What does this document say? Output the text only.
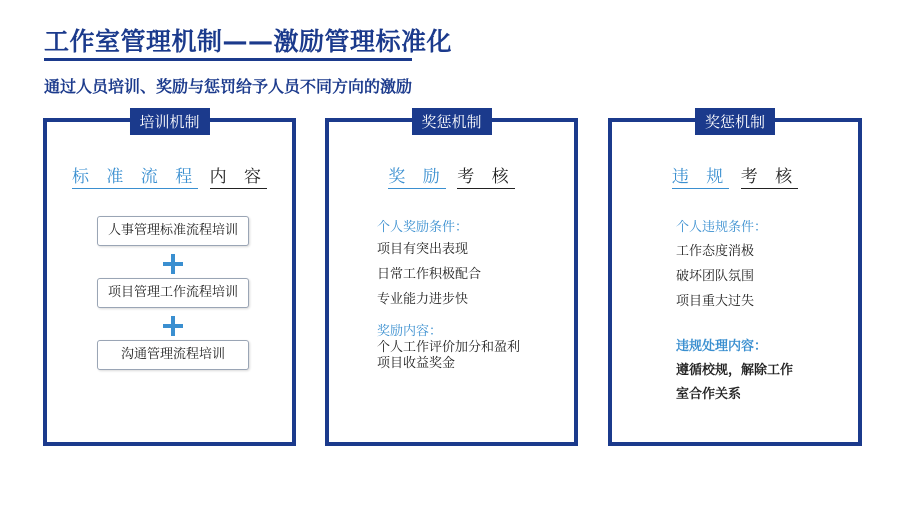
工作室管理机制——激励管理标准化
通过人员培训、奖励与惩罚给予人员不同方向的激励
培训机制
标 准 流 程 内 容
人事管理标准流程培训
项目管理工作流程培训
沟通管理流程培训
奖惩机制
奖 励 考 核
个人奖励条件：
项目有突出表现
日常工作积极配合
专业能力进步快
奖励内容：
个人工作评价加分和盈利
项目收益奖金
奖惩机制
违 规 考 核
个人违规条件：
工作态度消极
破坏团队氛围
项目重大过失
违规处理内容：
遵循校规，解除工作
室合作关系
